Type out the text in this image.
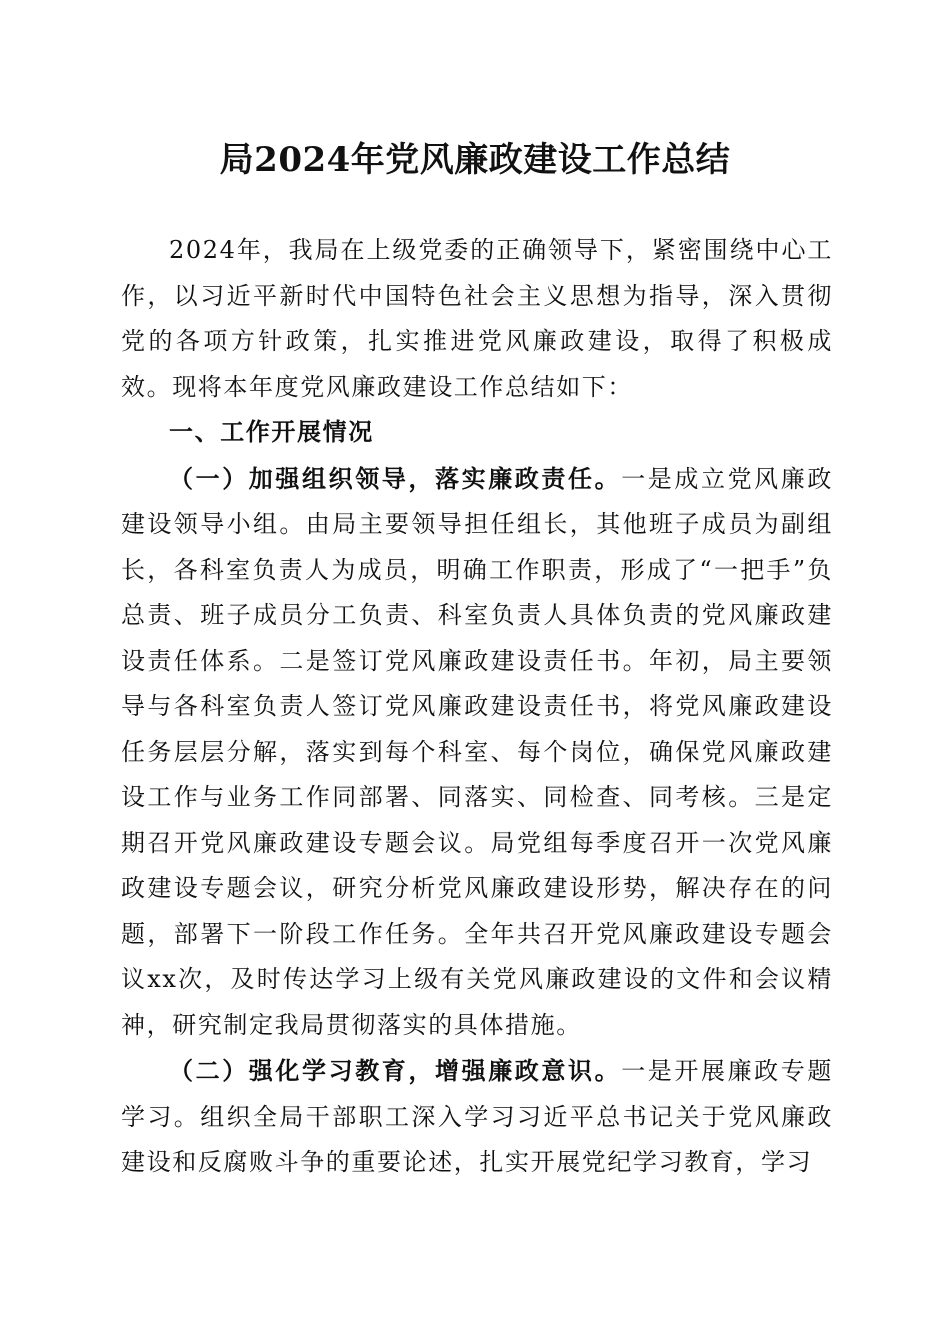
局2024年党风廉政建设工作总结

2024年，我局在上级党委的正确领导下，紧密围绕中心工作，以习近平新时代中国特色社会主义思想为指导，深入贯彻党的各项方针政策，扎实推进党风廉政建设，取得了积极成效。现将本年度党风廉政建设工作总结如下：

一、工作开展情况

（一）加强组织领导，落实廉政责任。一是成立党风廉政建设领导小组。由局主要领导担任组长，其他班子成员为副组长，各科室负责人为成员，明确工作职责，形成了“一把手”负总责、班子成员分工负责、科室负责人具体负责的党风廉政建设责任体系。二是签订党风廉政建设责任书。年初，局主要领导与各科室负责人签订党风廉政建设责任书，将党风廉政建设任务层层分解，落实到每个科室、每个岗位，确保党风廉政建设工作与业务工作同部署、同落实、同检查、同考核。三是定期召开党风廉政建设专题会议。局党组每季度召开一次党风廉政建设专题会议，研究分析党风廉政建设形势，解决存在的问题，部署下一阶段工作任务。全年共召开党风廉政建设专题会议xx次，及时传达学习上级有关党风廉政建设的文件和会议精神，研究制定我局贯彻落实的具体措施。

（二）强化学习教育，增强廉政意识。一是开展廉政专题学习。组织全局干部职工深入学习习近平总书记关于党风廉政建设和反腐败斗争的重要论述，扎实开展党纪学习教育，学习
